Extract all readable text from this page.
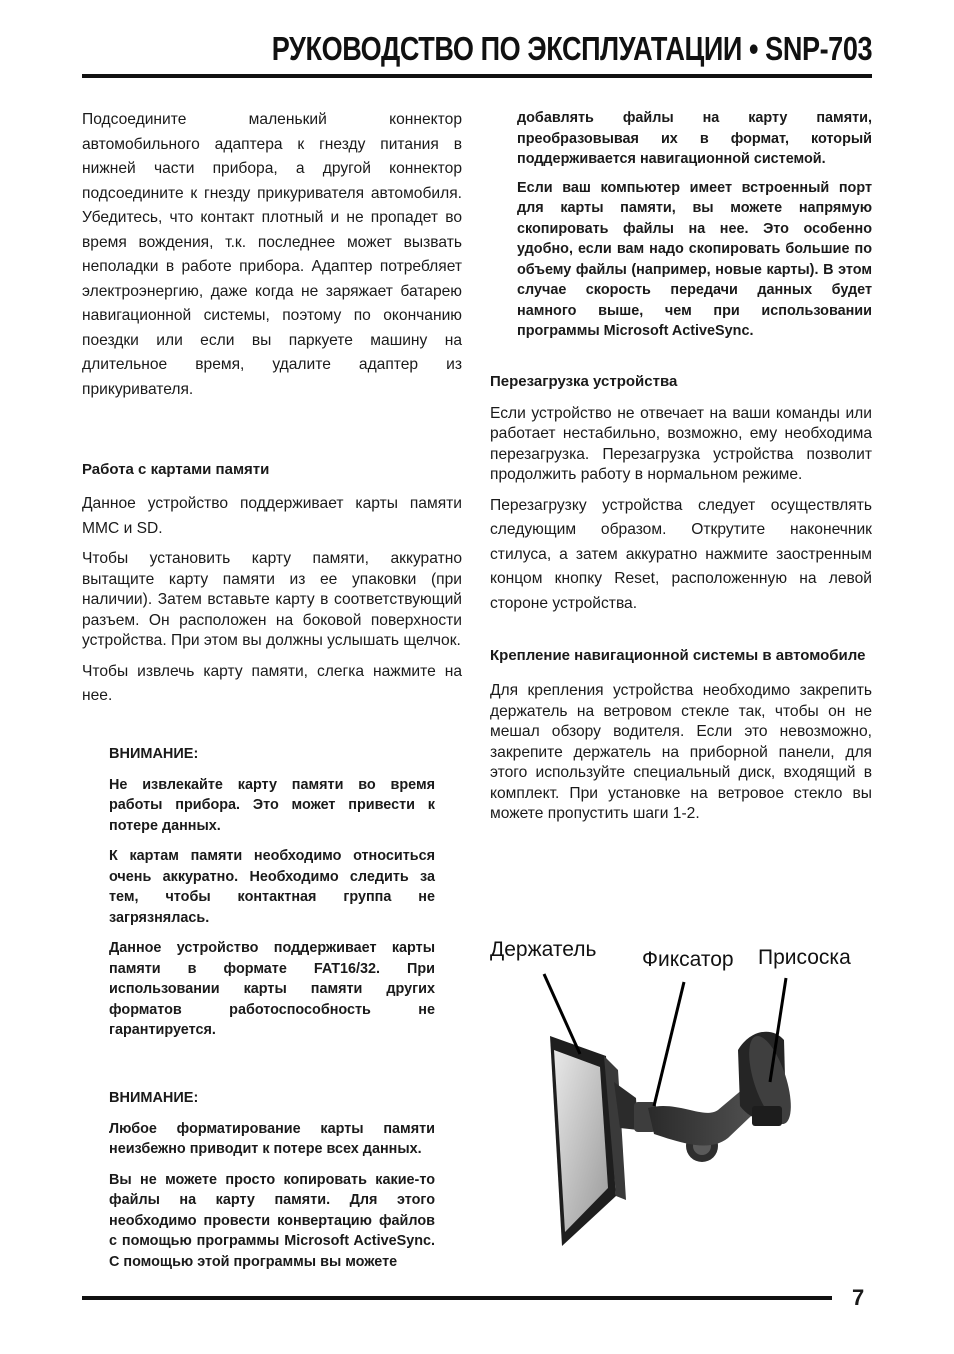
РУКОВОДСТВО ПО ЭКСПЛУАТАЦИИ • SNP-703

Подсоедините маленький коннектор автомобильного адаптера к гнезду питания в нижней части прибора, а другой коннектор подсоедините к гнезду прикуривателя автомобиля. Убедитесь, что контакт плотный и не пропадет во время вождения, т.к. последнее может вызвать неполадки в работе прибора. Адаптер потребляет электроэнергию, даже когда не заряжает батарею навигационной системы, поэтому по окончанию поездки или если вы паркуете машину на длительное время, удалите адаптер из прикуривателя.

Работа с картами памяти

Данное устройство поддерживает карты памяти MMC и SD.

Чтобы установить карту памяти, аккуратно вытащите карту памяти из ее упаковки (при наличии). Затем вставьте карту в соответствующий разъем. Он расположен на боковой поверхности устройства. При этом вы должны услышать щелчок.

Чтобы извлечь карту памяти, слегка нажмите на нее.

ВНИМАНИЕ:

Не извлекайте карту памяти во время работы прибора. Это может привести к потере данных.

К картам памяти необходимо относиться очень аккуратно. Необходимо следить за тем, чтобы контактная группа не загрязнялась.

Данное устройство поддерживает карты памяти в формате FAT16/32. При использовании карты памяти других форматов работоспособность не гарантируется.

ВНИМАНИЕ:

Любое форматирование карты памяти неизбежно приводит к потере всех данных.

Вы не можете просто копировать какие-то файлы на карту памяти. Для этого необходимо провести конвертацию файлов с помощью программы Microsoft ActiveSync. С помощью этой программы вы можете

добавлять файлы на карту памяти, преобразовывая их в формат, который поддерживается навигационной системой.

Если ваш компьютер имеет встроенный порт для карты памяти, вы можете напрямую скопировать файлы на нее. Это особенно удобно, если вам надо скопировать большие по объему файлы (например, новые карты). В этом случае скорость передачи данных будет намного выше, чем при использовании программы Microsoft ActiveSync.

Перезагрузка устройства

Если устройство не отвечает на ваши команды или работает нестабильно, возможно, ему необходима перезагрузка. Перезагрузка устройства позволит продолжить работу в нормальном режиме.

Перезагрузку устройства следует осуществлять следующим образом. Открутите наконечник стилуса, а затем аккуратно нажмите заостренным концом кнопку Reset, расположенную на левой стороне устройства.

Крепление навигационной системы в автомобиле

Для крепления устройства необходимо закрепить держатель на ветровом стекле так, чтобы он не мешал обзору водителя. Если это невозможно, закрепите держатель на приборной панели, для этого используйте специальный диск, входящий в комплект. При установке на ветровое стекло вы можете пропустить шаги 1-2.

Держатель Фиксатор Присоска
7
